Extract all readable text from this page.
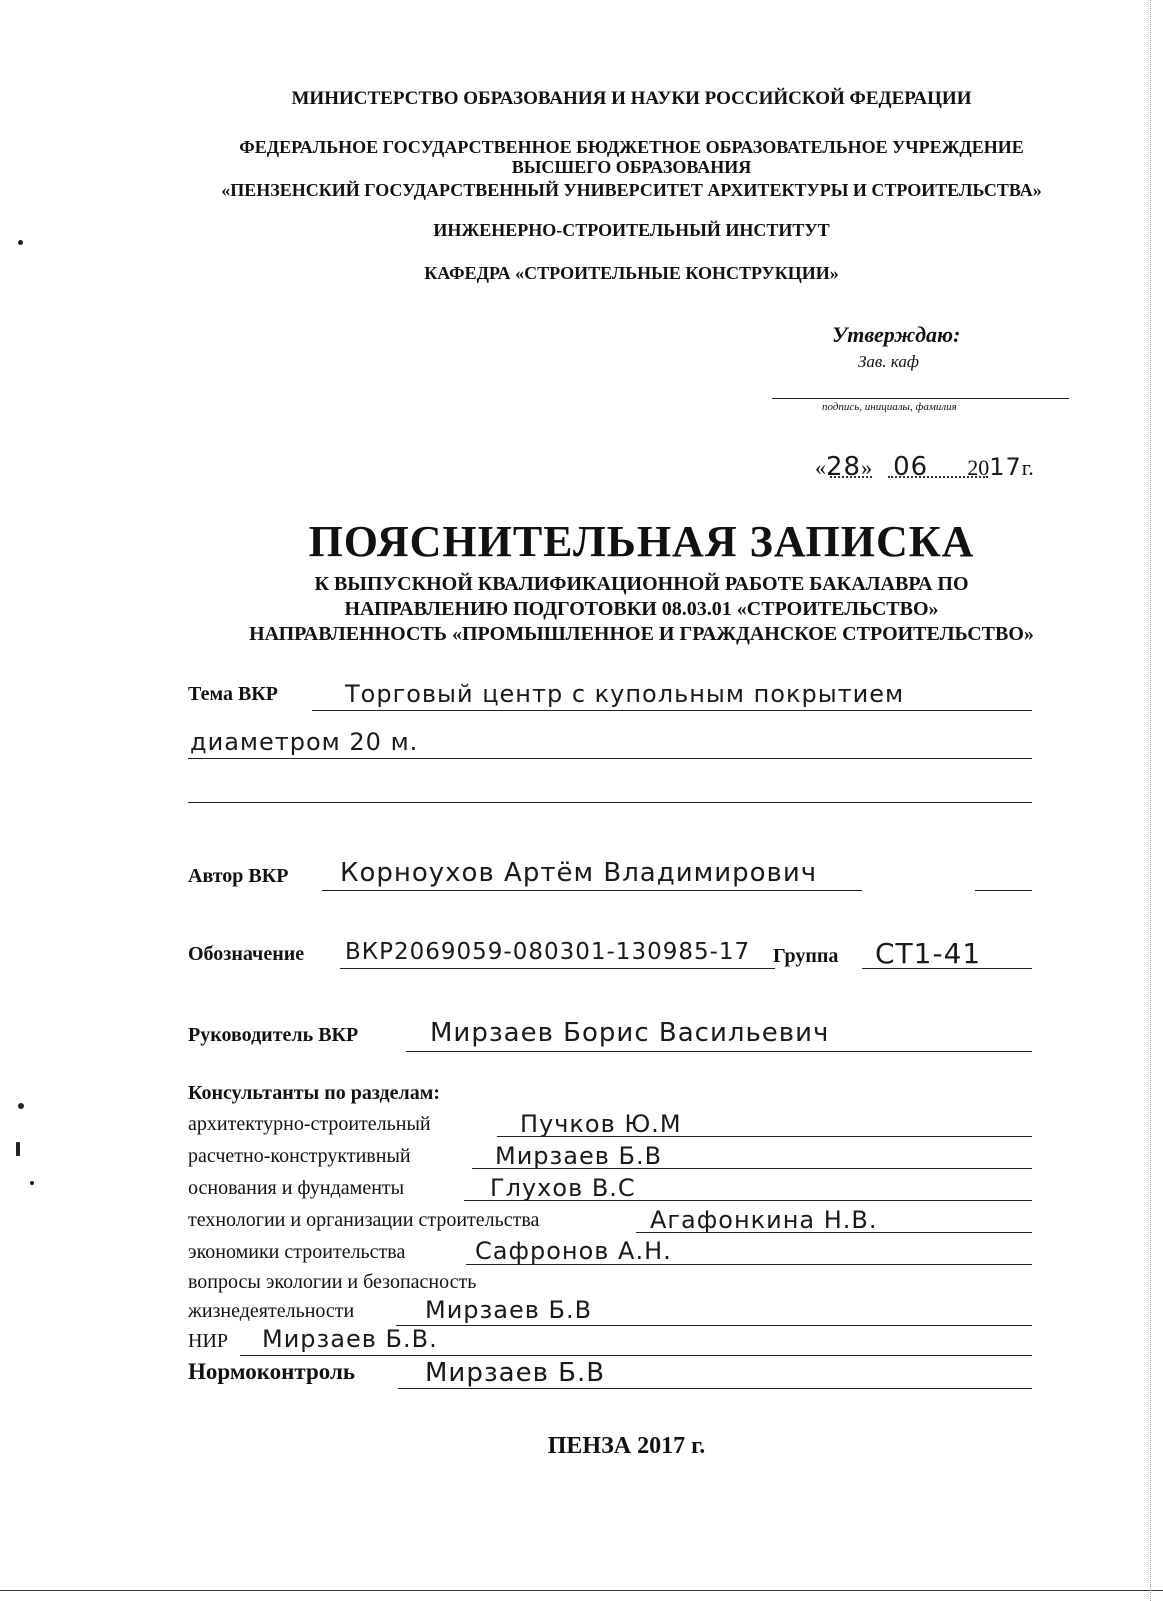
МИНИСТЕРСТВО ОБРАЗОВАНИЯ И НАУКИ РОССИЙСКОЙ ФЕДЕРАЦИИ
ФЕДЕРАЛЬНОЕ ГОСУДАРСТВЕННОЕ БЮДЖЕТНОЕ ОБРАЗОВАТЕЛЬНОЕ УЧРЕЖДЕНИЕ
ВЫСШЕГО ОБРАЗОВАНИЯ
«ПЕНЗЕНСКИЙ ГОСУДАРСТВЕННЫЙ УНИВЕРСИТЕТ АРХИТЕКТУРЫ И СТРОИТЕЛЬСТВА»
ИНЖЕНЕРНО-СТРОИТЕЛЬНЫЙ ИНСТИТУТ
КАФЕДРА «СТРОИТЕЛЬНЫЕ КОНСТРУКЦИИ»
Утверждаю:
Зав. каф
подпись, инициалы, фамилия
«28» 06 2017г.
ПОЯСНИТЕЛЬНАЯ ЗАПИСКА
К ВЫПУСКНОЙ КВАЛИФИКАЦИОННОЙ РАБОТЕ БАКАЛАВРА ПО
НАПРАВЛЕНИЮ ПОДГОТОВКИ 08.03.01 «СТРОИТЕЛЬСТВО»
НАПРАВЛЕННОСТЬ «ПРОМЫШЛЕННОЕ И ГРАЖДАНСКОЕ СТРОИТЕЛЬСТВО»
Тема ВКР	Торговый центр с купольным покрытием
диаметром 20 м.
Автор ВКР Корноухов Артём Владимирович
Обозначение ВКР2069059-080301-130985-17 Группа СТ1-41
Руководитель ВКР	Мирзаев Борис Васильевич
Консультанты по разделам:
архитектурно-строительный	Пучков Ю.М
расчетно-конструктивный	Мирзаев Б.В
основания и фундаменты	Глухов В.С
технологии и организации строительства	Агафонкина Н.В.
экономики строительства	Сафронов А.Н.
вопросы экологии и безопасность
жизнедеятельности	Мирзаев Б.В
НИР Мирзаев Б.В.
Нормоконтроль	Мирзаев Б.В
ПЕНЗА 2017 г.
